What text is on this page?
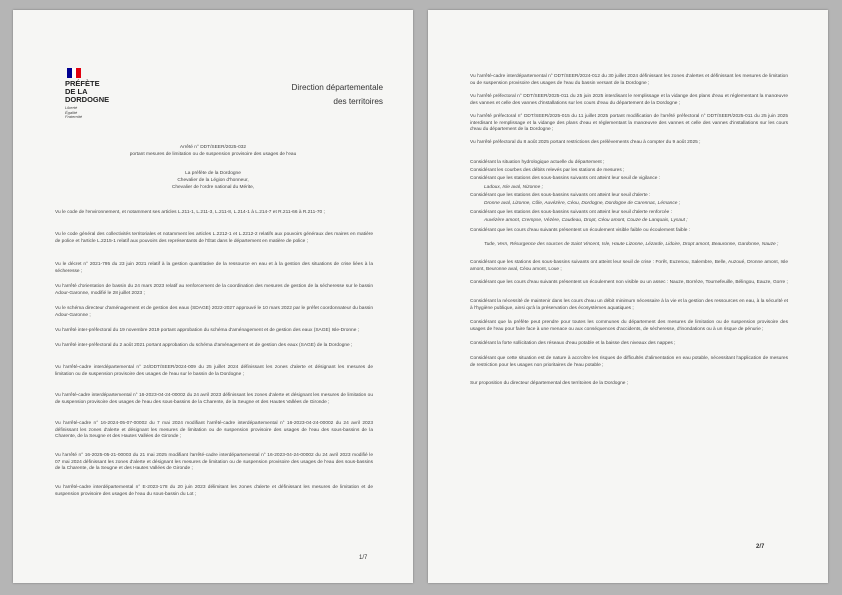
PRÉFÈTE
DE LA
DORDOGNE
Liberté
Égalité
Fraternité
Direction départementale
des territoires
Arrêté n° DDT/SEER/2025-032
portant mesures de limitation ou de suspension provisoire des usages de l'eau
La préfète de la Dordogne
Chevalier de la Légion d'honneur,
Chevalier de l'ordre national du Mérite,
Vu le code de l'environnement, et notamment ses articles L.211-1, L.211-3, L.211-8, L.214-1 à L.214-7 et R.211-66 à R.211-70 ;
Vu le code général des collectivités territoriales et notamment les articles L.2212-1 et L.2212-2 relatifs aux pouvoirs généraux des maires en matière de police et l'article L.2215-1 relatif aux pouvoirs des représentants de l'État dans le département en matière de police ;
Vu le décret n° 2021-795 du 23 juin 2021 relatif à la gestion quantitative de la ressource en eau et à la gestion des situations de crise liées à la sécheresse ;
Vu l'arrêté d'orientation de bassin du 24 mars 2023 relatif au renforcement de la coordination des mesures de gestion de la sécheresse sur le bassin Adour-Garonne, modifié le 28 juillet 2023 ;
Vu le schéma directeur d'aménagement et de gestion des eaux (SDAGE) 2022-2027 approuvé le 10 mars 2022 par le préfet coordonnateur du bassin Adour-Garonne ;
Vu l'arrêté inter-préfectoral du 19 novembre 2019 portant approbation du schéma d'aménagement et de gestion des eaux (SAGE) Isle-Dronne ;
Vu l'arrêté inter-préfectoral du 2 août 2021 portant approbation du schéma d'aménagement et de gestion des eaux (SAGE) de la Dordogne ;
Vu l'arrêté-cadre interdépartemental n° 24/DDT/SEER/2024-009 du 25 juillet 2024 définissant les zones d'alerte et désignant les mesures de limitation ou de suspension provisoire des usages de l'eau sur le bassin de la Dordogne ;
Vu l'arrêté-cadre interdépartemental n° 16-2023-04-24-00002 du 24 avril 2023 définissant les zones d'alerte et désignant les mesures de limitation ou de suspension provisoire des usages de l'eau des sous-bassins de la Charente, de la Seugne et des Hautes Vallées de Gironde ;
Vu l'arrêté-cadre n° 16-2024-05-07-00002 du 7 mai 2024 modifiant l'arrêté-cadre interdépartemental n° 16-2023-04-24-00002 du 24 avril 2023 définissant les zones d'alerte et désignant les mesures de limitation ou de suspension provisoire des usages de l'eau des sous-bassins de la Charente, de la Seugne et des Hautes Vallées de Gironde ;
Vu l'arrêté n° 16-2025-05-21-00003 du 21 mai 2025 modifiant l'arrêté-cadre interdépartemental n° 16-2023-04-24-00002 du 24 avril 2023 modifié le 07 mai 2024 définissant les zones d'alerte et désignant les mesures de limitation ou de suspension provisoire des usages de l'eau des sous-bassins de la Charente, de la Seugne et des Hautes Vallées de Gironde ;
Vu l'arrêté-cadre interdépartemental n° E-2023-178 du 20 juin 2023 délimitant les zones d'alerte et définissant les mesures de limitation et de suspension provisoire des usages de l'eau du sous-bassin du Lot ;
1/7
Vu l'arrêté-cadre interdépartemental n° DDT/SEER/2024-012 du 30 juillet 2024 définissant les zones d'alertes et définissant les mesures de limitation ou de suspension provisoire des usages de l'eau du bassin versant de la Dordogne ;
Vu l'arrêté préfectoral n° DDT/SEER/2025-011 du 25 juin 2025 interdisant le remplissage et la vidange des plans d'eau et réglementant la manœuvre des vannes et celle des vannes d'installations sur les cours d'eau du département de la Dordogne ;
Vu l'arrêté préfectoral n° DDT/SEER/2025-015 du 11 juillet 2025 portant modification de l'arrêté préfectoral n° DDT/SEER/2025-011 du 25 juin 2025 interdisant le remplissage et la vidange des plans d'eau et réglementant la manœuvre des vannes et celle des vannes d'installations sur les cours d'eau du département de la Dordogne ;
Vu l'arrêté préfectoral du 8 août 2025 portant restrictions des prélèvements d'eau à compter du 9 août 2025 ;
Considérant la situation hydrologique actuelle du département ;
Considérant les courbes des débits relevés par les stations de mesures ;
Considérant que les stations des sous-bassins suivants ont atteint leur seuil de vigilance :
Ladoux, Isle aval, Nizonne ;
Considérant que les stations des sous-bassins suivants ont atteint leur seuil d'alerte :
Dronne aval, Lizonne, Côle, Auvézère, Céou, Dordogne, Dordogne de Carennac, Lémance ;
Considérant que les stations des sous-bassins suivants ont atteint leur seuil d'alerte renforcée :
Auvézère amont, Crempse, Vézère, Caudeau, Dropt, Céou amont, Couze de Lanquais, Lysaut ;
Considérant que les cours d'eau suivants présentent un écoulement visible faible ou écoulement faible :
Tude, Vern, Résurgence des sources de Saint Vincent, Isle, Haute Lizonne, Lézarde, Lidoire, Dropt amont, Beauronne, Gardonne, Nauze ;
Considérant que les stations des sous-bassins suivants ont atteint leur seuil de crise : Forêt, Euzenou, Salembre, Belle, Auzoué, Dronne amont, Isle amont, Beuronne aval, Céou amont, Loue ;
Considérant que les cours d'eau suivants présentent un écoulement non visible ou un assec : Nauze, Borrèze, Tournefeuille, Bélingou, Eauze, Gorre ;
Considérant la nécessité de maintenir dans les cours d'eau un débit minimum nécessaire à la vie et la gestion des ressources en eau, à la sécurité et à l'hygiène publique, ainsi qu'à la préservation des écosystèmes aquatiques ;
Considérant que la préfète peut prendre pour toutes les communes du département des mesures de limitation ou de suspension provisoire des usages de l'eau pour faire face à une menace ou aux conséquences d'accidents, de sécheresse, d'inondations ou à un risque de pénurie ;
Considérant la forte sollicitation des réseaux d'eau potable et la baisse des niveaux des nappes ;
Considérant que cette situation est de nature à accroître les risques de difficultés d'alimentation en eau potable, nécessitant l'application de mesures de restriction pour les usages non prioritaires de l'eau potable ;
Sur proposition du directeur départemental des territoires de la Dordogne ;
2/7
